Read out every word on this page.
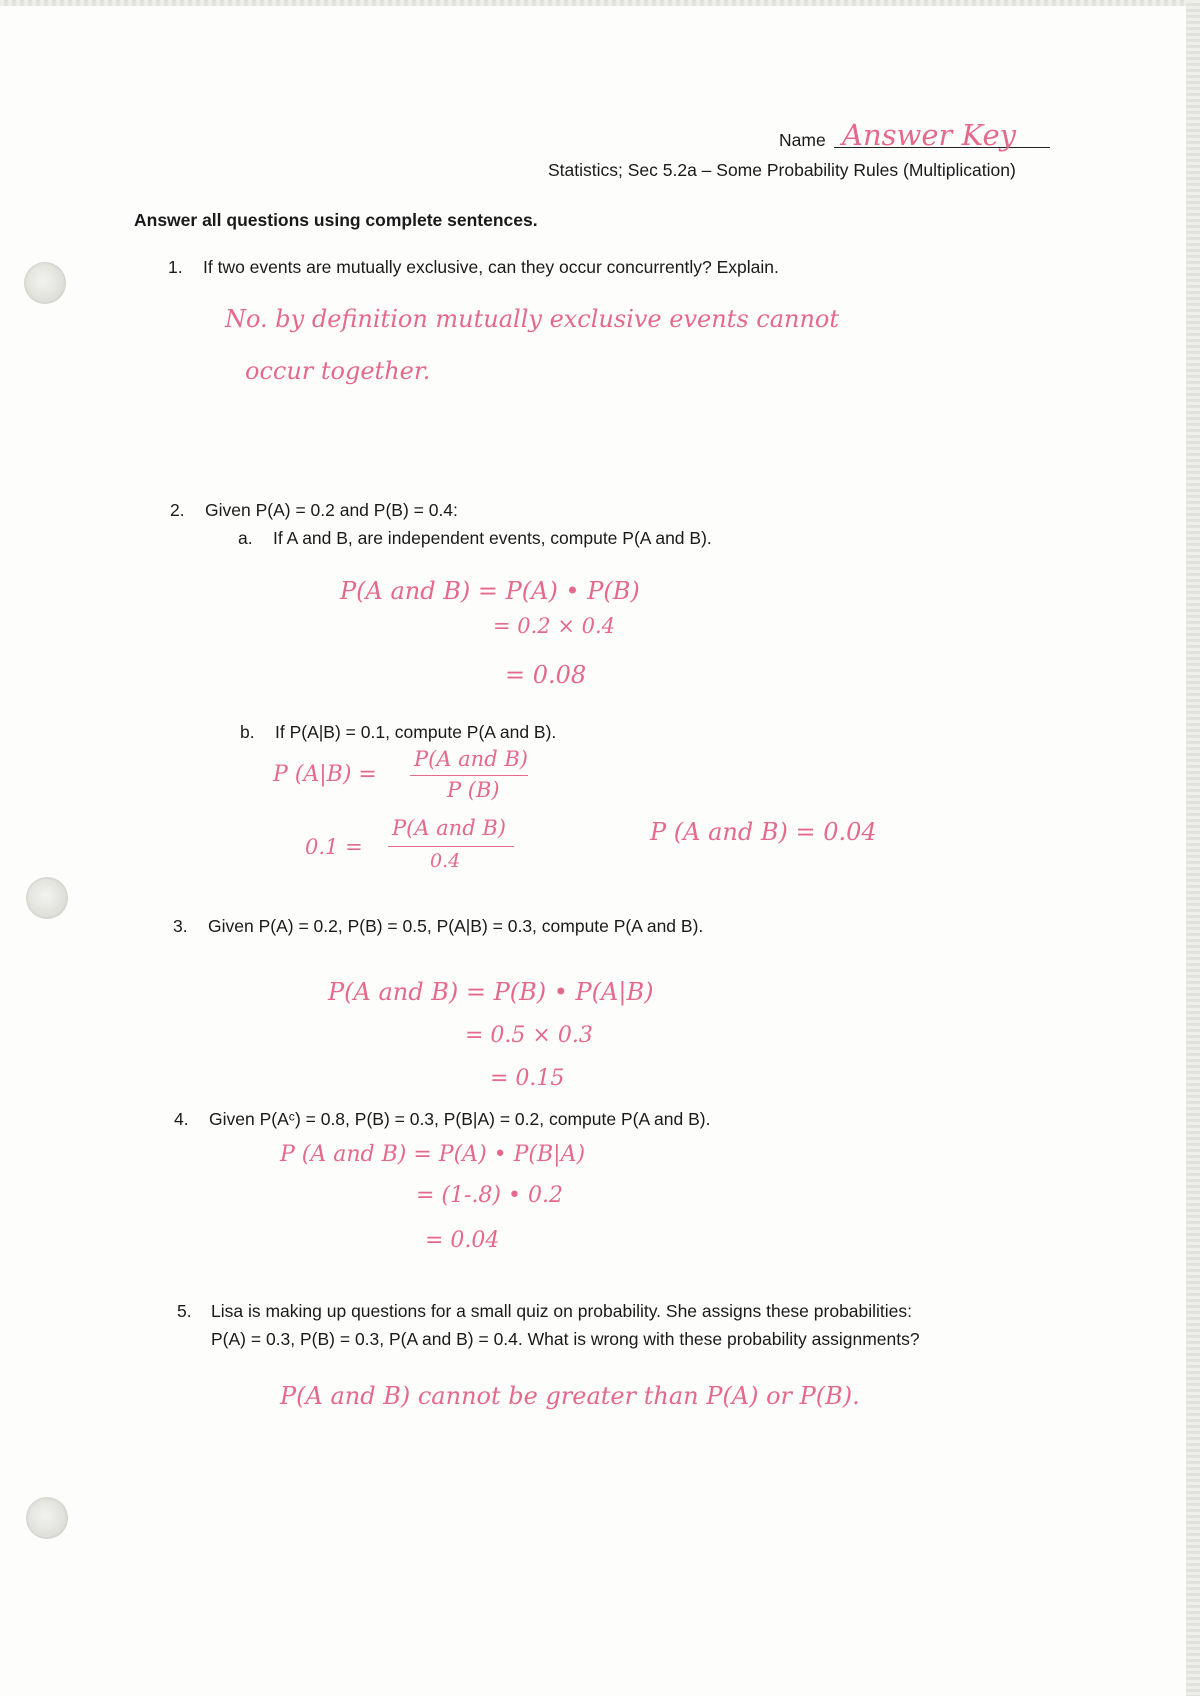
Name Answer Key
Statistics; Sec 5.2a – Some Probability Rules (Multiplication)
Answer all questions using complete sentences.
1. If two events are mutually exclusive, can they occur concurrently? Explain.
No. by definition mutually exclusive events cannot
occur together.
2. Given P(A) = 0.2 and P(B) = 0.4:
a. If A and B, are independent events, compute P(A and B).
P(A and B) = P(A) • P(B)
= 0.2 × 0.4
= 0.08
b. If P(A|B) = 0.1, compute P(A and B).
P (A|B) =
P(A and B)
P (B)
0.1 =
P(A and B)
0.4
P (A and B) = 0.04
3. Given P(A) = 0.2, P(B) = 0.5, P(A|B) = 0.3, compute P(A and B).
P(A and B) = P(B) • P(A|B)
= 0.5 × 0.3
= 0.15
4. Given P(Aᶜ) = 0.8, P(B) = 0.3, P(B|A) = 0.2, compute P(A and B).
P (A and B) = P(A) • P(B|A)
= (1-.8) • 0.2
= 0.04
5. Lisa is making up questions for a small quiz on probability. She assigns these probabilities:
P(A) = 0.3, P(B) = 0.3, P(A and B) = 0.4. What is wrong with these probability assignments?
P(A and B) cannot be greater than P(A) or P(B).
